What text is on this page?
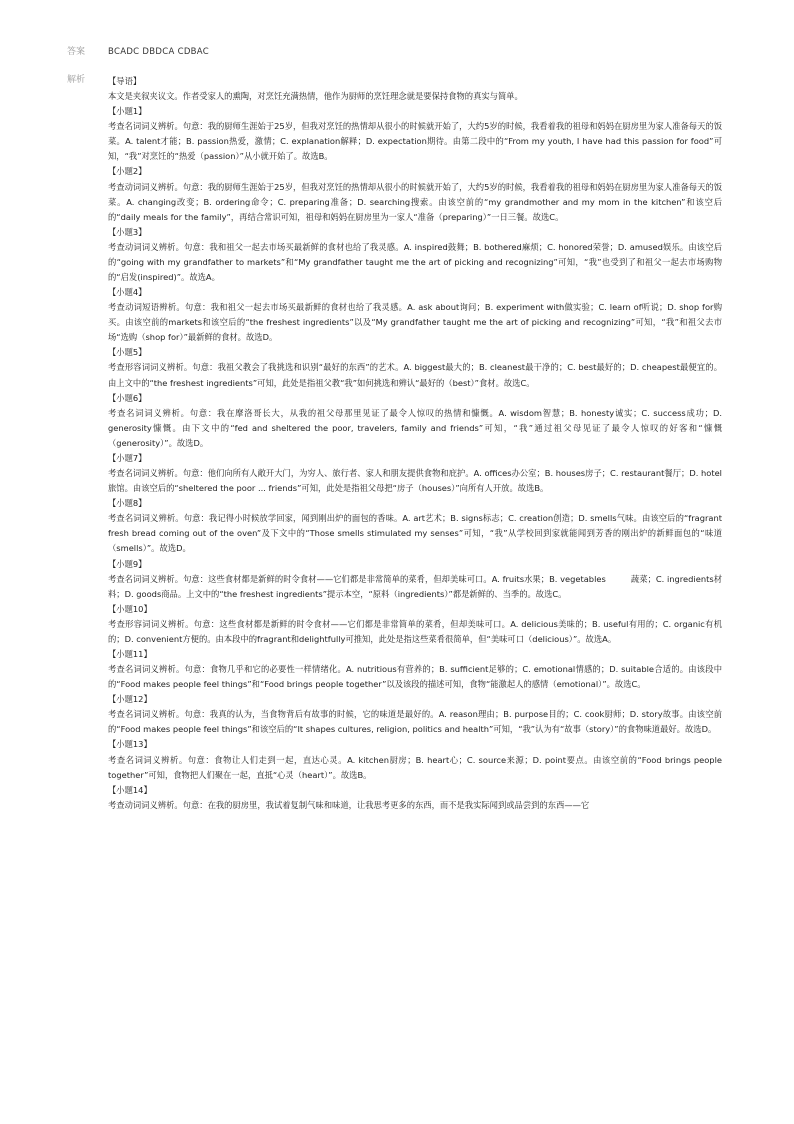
答案	BCADC DBDCA CDBAC
解析	【导语】

本文是夹叙夹议文。作者受家人的熏陶，对烹饪充满热情，他作为厨师的烹饪理念就是要保持食物的真实与简单。

【小题1】

考查名词词义辨析。句意：我的厨师生涯始于25岁，但我对烹饪的热情却从很小的时候就开始了，大约5岁的时候，我看着我的祖母和妈妈在厨房里为家人准备每天的饭菜。A. talent才能；B. passion热爱，激情；C. explanation解释；D. expectation期待。由第二段中的“From my youth, I have had this passion for food”可知，“我”对烹饪的“热爱（passion）”从小就开始了。故选B。

【小题2】

考查动词词义辨析。句意：我的厨师生涯始于25岁，但我对烹饪的热情却从很小的时候就开始了，大约5岁的时候，我看着我的祖母和妈妈在厨房里为家人准备每天的饭菜。A. changing改变；B. ordering命令；C. preparing准备；D. searching搜索。由该空前的“my grandmother and my mom in the kitchen”和该空后的“daily meals for the family”，再结合常识可知，祖母和妈妈在厨房里为一家人“准备（preparing）”一日三餐。故选C。

【小题3】

考查动词词义辨析。句意：我和祖父一起去市场买最新鲜的食材也给了我灵感。A. inspired鼓舞；B. bothered麻烦；C. honored荣誉；D. amused娱乐。由该空后的“going with my grandfather to markets”和“My grandfather taught me the art of picking and recognizing”可知，“我”也受到了和祖父一起去市场购物的“启发(inspired)”。故选A。

【小题4】

考查动词短语辨析。句意：我和祖父一起去市场买最新鲜的食材也给了我灵感。A. ask about询问；B. experiment with做实验；C. learn of听说；D. shop for购买。由该空前的markets和该空后的“the freshest ingredients”以及“My grandfather taught me the art of picking and recognizing”可知，“我”和祖父去市场“选购（shop for）”最新鲜的食材。故选D。

【小题5】

考查形容词词义辨析。句意：我祖父教会了我挑选和识别“最好的东西”的艺术。A. biggest最大的；B. cleanest最干净的；C. best最好的；D. cheapest最便宜的。由上文中的“the freshest ingredients”可知，此处是指祖父教“我”如何挑选和辨认“最好的（best）”食材。故选C。

【小题6】

考查名词词义辨析。句意：我在摩洛哥长大，从我的祖父母那里见证了最令人惊叹的热情和慷慨。A. wisdom智慧；B. honesty诚实；C. success成功；D. generosity慷慨。由下文中的“fed and sheltered the poor, travelers, family and friends”可知，“我”通过祖父母见证了最令人惊叹的好客和“慷慨（generosity）”。故选D。

【小题7】

考查名词词义辨析。句意：他们向所有人敞开大门，为穷人、旅行者、家人和朋友提供食物和庇护。A. offices办公室；B. houses房子；C. restaurant餐厅；D. hotel旅馆。由该空后的“sheltered the poor ... friends”可知，此处是指祖父母把“房子（houses）”向所有人开放。故选B。

【小题8】

考查名词词义辨析。句意：我记得小时候放学回家，闻到刚出炉的面包的香味。A. art艺术；B. signs标志；C. creation创造；D. smells气味。由该空后的“fragrant fresh bread coming out of the oven”及下文中的“Those smells stimulated my senses”可知，“我”从学校回到家就能闻到芳香的刚出炉的新鲜面包的“味道（smells）”。故选D。

【小题9】

考查名词词义辨析。句意：这些食材都是新鲜的时令食材——它们都是非常简单的菜肴，但却美味可口。A. fruits水果；B. vegetables　　　蔬菜；C. ingredients材料；D. goods商品。上文中的“the freshest ingredients”提示本空，“原料（ingredients）”都是新鲜的、当季的。故选C。

【小题10】

考查形容词词义辨析。句意：这些食材都是新鲜的时令食材——它们都是非常简单的菜肴，但却美味可口。A. delicious美味的；B. useful有用的；C. organic有机的；D. convenient方便的。由本段中的fragrant和delightfully可推知，此处是指这些菜肴很简单，但“美味可口（delicious）”。故选A。

【小题11】

考查名词词义辨析。句意：食物几乎和它的必要性一样情绪化。A. nutritious有营养的；B. sufficient足够的；C. emotional情感的；D. suitable合适的。由该段中的“Food makes people feel things”和“Food brings people together”以及该段的描述可知，食物“能激起人的感情（emotional）”。故选C。

【小题12】

考查名词词义辨析。句意：我真的认为，当食物背后有故事的时候，它的味道是最好的。A. reason理由；B. purpose目的；C. cook厨师；D. story故事。由该空前的“Food makes people feel things”和该空后的“It shapes cultures, religion, politics and health”可知，“我”认为有“故事（story）”的食物味道最好。故选D。

【小题13】

考查名词词义辨析。句意：食物让人们走到一起，直达心灵。A. kitchen厨房；B. heart心；C. source来源；D. point要点。由该空前的“Food brings people together”可知，食物把人们聚在一起，直抵“心灵（heart）”。故选B。

【小题14】

考查动词词义辨析。句意：在我的厨房里，我试着复制气味和味道，让我思考更多的东西，而不是我实际闻到或品尝到的东西——它
